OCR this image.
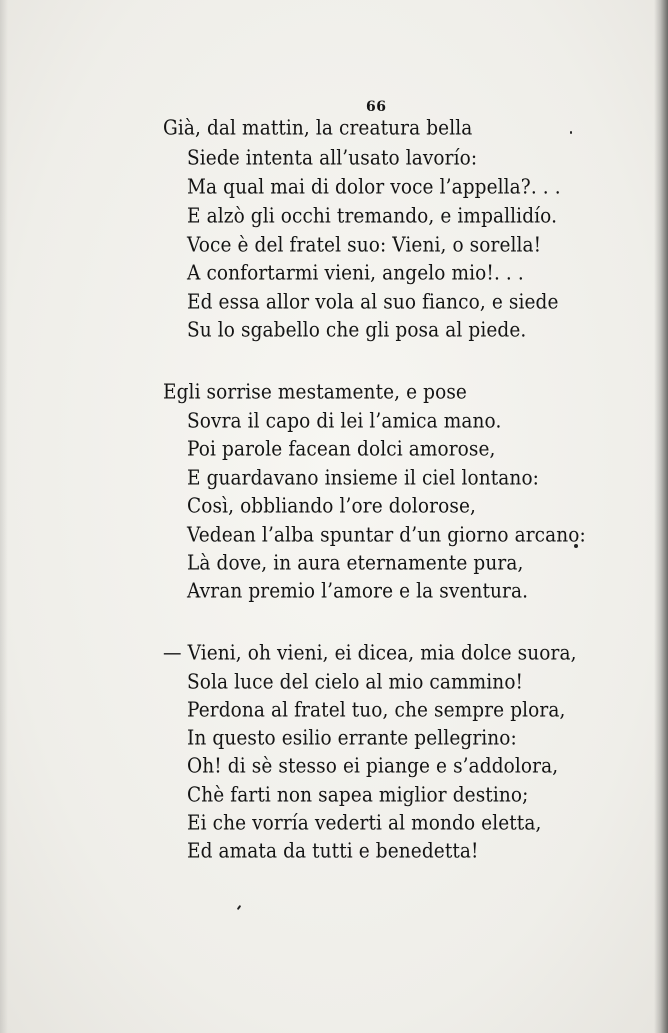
66
Già, dal mattin, la creatura bella
Siede intenta all’usato lavorío:
Ma qual mai di dolor voce l’appella?. . .
E alzò gli occhi tremando, e impallidío.
Voce è del fratel suo: Vieni, o sorella!
A confortarmi vieni, angelo mio!. . .
Ed essa allor vola al suo fianco, e siede
Su lo sgabello che gli posa al piede.
Egli sorrise mestamente, e pose
Sovra il capo di lei l’amica mano.
Poi parole facean dolci amorose,
E guardavano insieme il ciel lontano:
Così, obbliando l’ore dolorose,
Vedean l’alba spuntar d’un giorno arcano:
Là dove, in aura eternamente pura,
Avran premio l’amore e la sventura.
— Vieni, oh vieni, ei dicea, mia dolce suora,
Sola luce del cielo al mio cammino!
Perdona al fratel tuo, che sempre plora,
In questo esilio errante pellegrino:
Oh! di sè stesso ei piange e s’addolora,
Chè farti non sapea miglior destino;
Ei che vorría vederti al mondo eletta,
Ed amata da tutti e benedetta!
